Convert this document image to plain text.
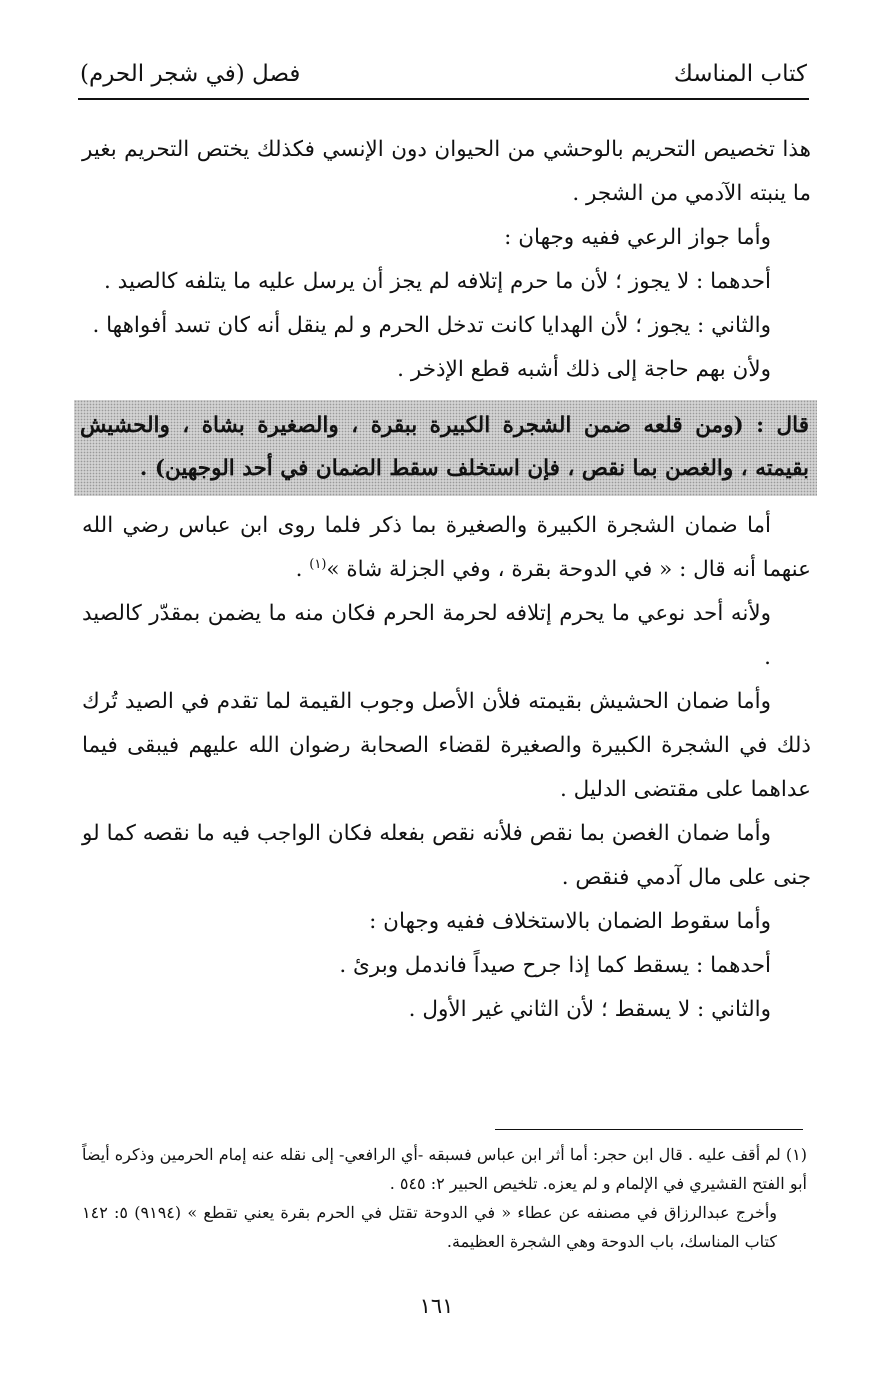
كتاب المناسك
فصل (في شجر الحرم)

هذا تخصيص التحريم بالوحشي من الحيوان دون الإنسي فكذلك يختص التحريم بغير ما ينبته الآدمي من الشجر .

وأما جواز الرعي ففيه وجهان :

أحدهما : لا يجوز ؛ لأن ما حرم إتلافه لم يجز أن يرسل عليه ما يتلفه كالصيد .

والثاني : يجوز ؛ لأن الهدايا كانت تدخل الحرم و لم ينقل أنه كان تسد أفواهها .

ولأن بهم حاجة إلى ذلك أشبه قطع الإذخر .

قال : (ومن قلعه ضمن الشجرة الكبيرة ببقرة ، والصغيرة بشاة ، والحشيش بقيمته ، والغصن بما نقص ، فإن استخلف سقط الضمان في أحد الوجهين) .

أما ضمان الشجرة الكبيرة والصغيرة بما ذكر فلما روى ابن عباس رضي الله عنهما أنه قال : « في الدوحة بقرة ، وفي الجزلة شاة »$^{(١)}$ .

ولأنه أحد نوعي ما يحرم إتلافه لحرمة الحرم فكان منه ما يضمن بمقدّر كالصيد .

وأما ضمان الحشيش بقيمته فلأن الأصل وجوب القيمة لما تقدم في الصيد تُرك ذلك في الشجرة الكبيرة والصغيرة لقضاء الصحابة رضوان الله عليهم فيبقى فيما عداهما على مقتضى الدليل .

وأما ضمان الغصن بما نقص فلأنه نقص بفعله فكان الواجب فيه ما نقصه كما لو جنى على مال آدمي فنقص .

وأما سقوط الضمان بالاستخلاف ففيه وجهان :

أحدهما : يسقط كما إذا جرح صيداً فاندمل وبرئ .

والثاني : لا يسقط ؛ لأن الثاني غير الأول .

(١) لم أقف عليه . قال ابن حجر: أما أثر ابن عباس فسبقه -أي الرافعي- إلى نقله عنه إمام الحرمين وذكره أيضاً أبو الفتح القشيري في الإلمام و لم يعزه. تلخيص الحبير ٢: ٥٤٥ .

وأخرج عبدالرزاق في مصنفه عن عطاء « في الدوحة تقتل في الحرم بقرة يعني تقطع » (٩١٩٤) ٥: ١٤٢ كتاب المناسك، باب الدوحة وهي الشجرة العظيمة.

١٦١
